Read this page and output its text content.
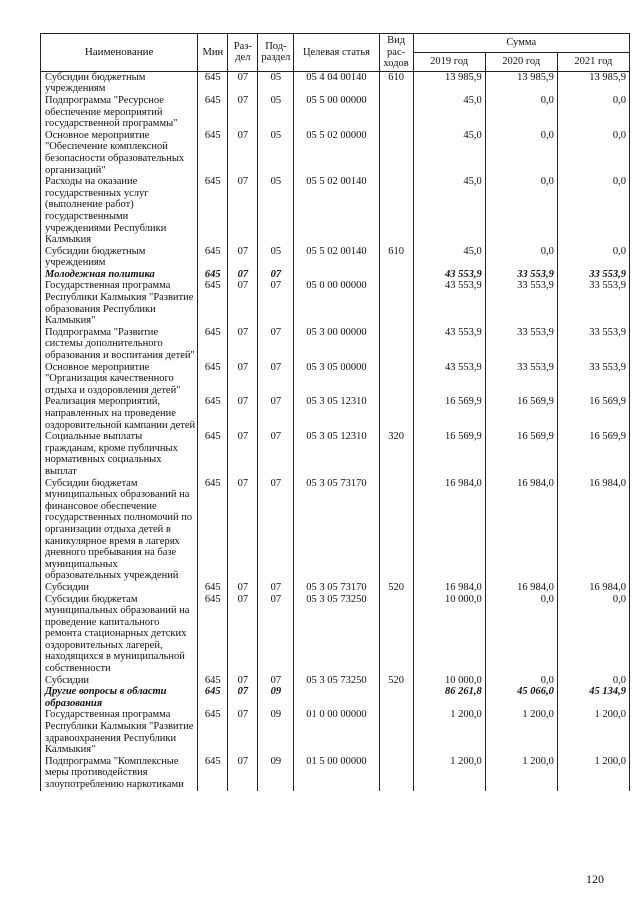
Наименование	Мин	Раз-дел	Под-раздел	Целевая статья	Вид рас-ходов	Сумма		
						2019 год	2020 год	2021 год
Субсидии бюджетным учреждениям	645	07	05	05 4 04 00140	610	13 985,9	13 985,9	13 985,9
Подпрограмма "Ресурсное обеспечение мероприятий государственной программы"	645	07	05	05 5 00 00000		45,0	0,0	0,0
Основное мероприятие "Обеспечение комплексной безопасности образовательных организаций"	645	07	05	05 5 02 00000		45,0	0,0	0,0
Расходы на оказание государственных услуг (выполнение работ) государственными учреждениями Республики Калмыкия	645	07	05	05 5 02 00140		45,0	0,0	0,0
Субсидии бюджетным учреждениям	645	07	05	05 5 02 00140	610	45,0	0,0	0,0
Молодежная политика	645	07	07			43 553,9	33 553,9	33 553,9
Государственная программа Республики Калмыкия "Развитие образования Республики Калмыкия"	645	07	07	05 0 00 00000		43 553,9	33 553,9	33 553,9
Подпрограмма "Развитие системы дополнительного образования и воспитания детей"	645	07	07	05 3 00 00000		43 553,9	33 553,9	33 553,9
Основное мероприятие "Организация качественного отдыха и оздоровления детей"	645	07	07	05 3 05 00000		43 553,9	33 553,9	33 553,9
Реализация мероприятий, направленных на проведение оздоровительной кампании детей	645	07	07	05 3 05 12310		16 569,9	16 569,9	16 569,9
Социальные выплаты гражданам, кроме публичных нормативных социальных выплат	645	07	07	05 3 05 12310	320	16 569,9	16 569,9	16 569,9
Субсидии бюджетам муниципальных образований на финансовое обеспечение государственных полномочий по организации отдыха детей в каникулярное время в лагерях дневного пребывания на базе муниципальных образовательных учреждений	645	07	07	05 3 05 73170		16 984,0	16 984,0	16 984,0
Субсидии	645	07	07	05 3 05 73170	520	16 984,0	16 984,0	16 984,0
Субсидии бюджетам муниципальных образований на проведение капитального ремонта стационарных детских оздоровительных лагерей, находящихся в муниципальной собственности	645	07	07	05 3 05 73250		10 000,0	0,0	0,0
Субсидии	645	07	07	05 3 05 73250	520	10 000,0	0,0	0,0
Другие вопросы в области образования	645	07	09			86 261,8	45 066,0	45 134,9
Государственная программа Республики Калмыкия "Развитие здравоохранения Республики Калмыкия"	645	07	09	01 0 00 00000		1 200,0	1 200,0	1 200,0
Подпрограмма "Комплексные меры противодействия злоупотреблению наркотиками	645	07	09	01 5 00 00000		1 200,0	1 200,0	1 200,0
120
